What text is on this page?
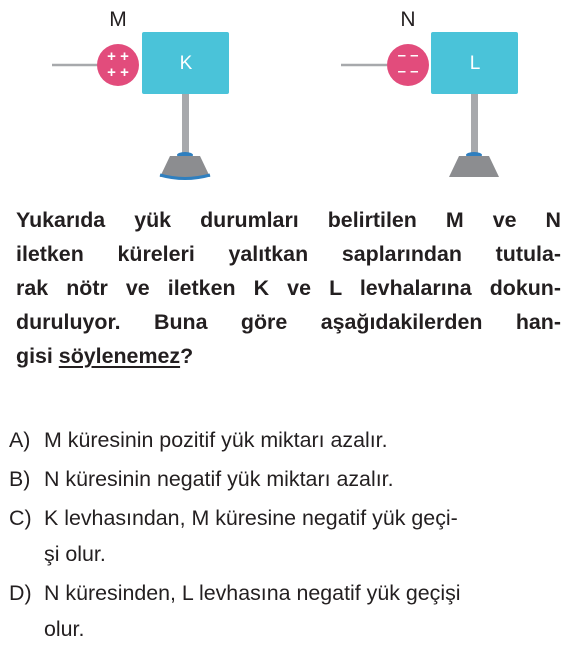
+ +
+ +	K
M
– –
– –	L
N
Yukarıda yük durumları belirtilen M ve N
iletken küreleri yalıtkan saplarından tutula-
rak nötr ve iletken K ve L levhalarına dokun-
duruluyor. Buna göre aşağıdakilerden han-
gisi söylenemez?
A) M küresinin pozitif yük miktarı azalır.
B) N küresinin negatif yük miktarı azalır.
C) K levhasından, M küresine negatif yük geçi-
şi olur.
D) N küresinden, L levhasına negatif yük geçişi
olur.
